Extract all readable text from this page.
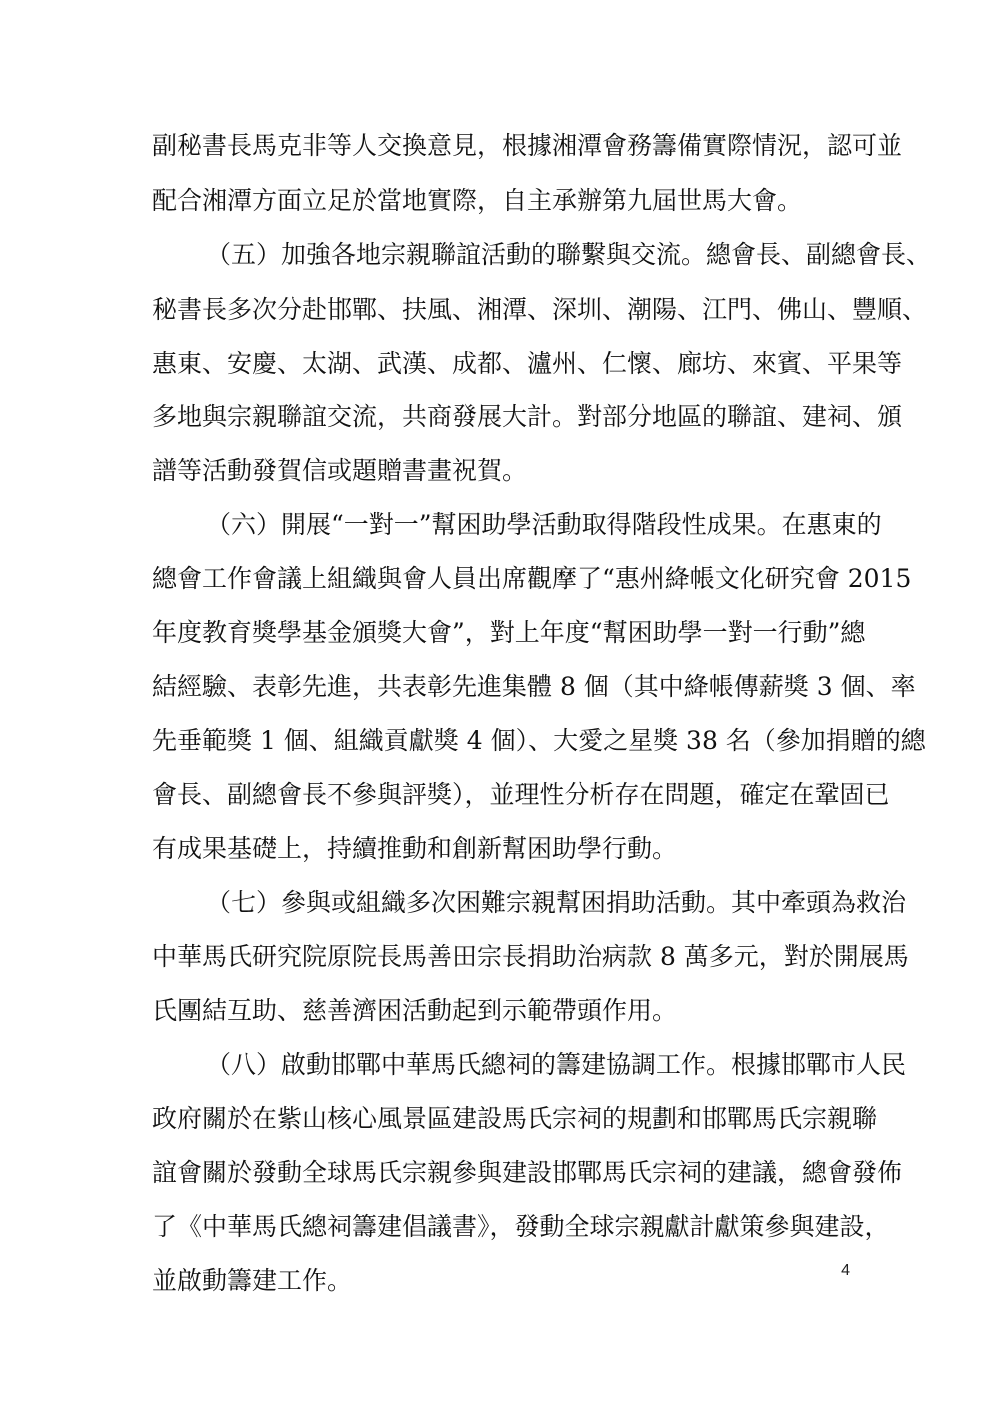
副秘書長馬克非等人交換意見，根據湘潭會務籌備實際情況，認可並
配合湘潭方面立足於當地實際，自主承辦第九屆世馬大會。
（五）加強各地宗親聯誼活動的聯繫與交流。總會長、副總會長、
秘書長多次分赴邯鄲、扶風、湘潭、深圳、潮陽、江門、佛山、豐順、
惠東、安慶、太湖、武漢、成都、瀘州、仁懷、廊坊、來賓、平果等
多地與宗親聯誼交流，共商發展大計。對部分地區的聯誼、建祠、頒
譜等活動發賀信或題贈書畫祝賀。
（六）開展“一對一”幫困助學活動取得階段性成果。在惠東的
總會工作會議上組織與會人員出席觀摩了“惠州絳帳文化研究會 2015
年度教育獎學基金頒獎大會”，對上年度“幫困助學一對一行動”總
結經驗、表彰先進，共表彰先進集體 8 個（其中絳帳傳薪獎 3 個、率
先垂範獎 1 個、組織貢獻獎 4 個）、大愛之星獎 38 名（參加捐贈的總
會長、副總會長不參與評獎），並理性分析存在問題，確定在鞏固已
有成果基礎上，持續推動和創新幫困助學行動。
（七）參與或組織多次困難宗親幫困捐助活動。其中牽頭為救治
中華馬氏研究院原院長馬善田宗長捐助治病款 8 萬多元，對於開展馬
氏團結互助、慈善濟困活動起到示範帶頭作用。
（八）啟動邯鄲中華馬氏總祠的籌建協調工作。根據邯鄲市人民
政府關於在紫山核心風景區建設馬氏宗祠的規劃和邯鄲馬氏宗親聯
誼會關於發動全球馬氏宗親參與建設邯鄲馬氏宗祠的建議，總會發佈
了《中華馬氏總祠籌建倡議書》，發動全球宗親獻計獻策參與建設，
並啟動籌建工作。	4
